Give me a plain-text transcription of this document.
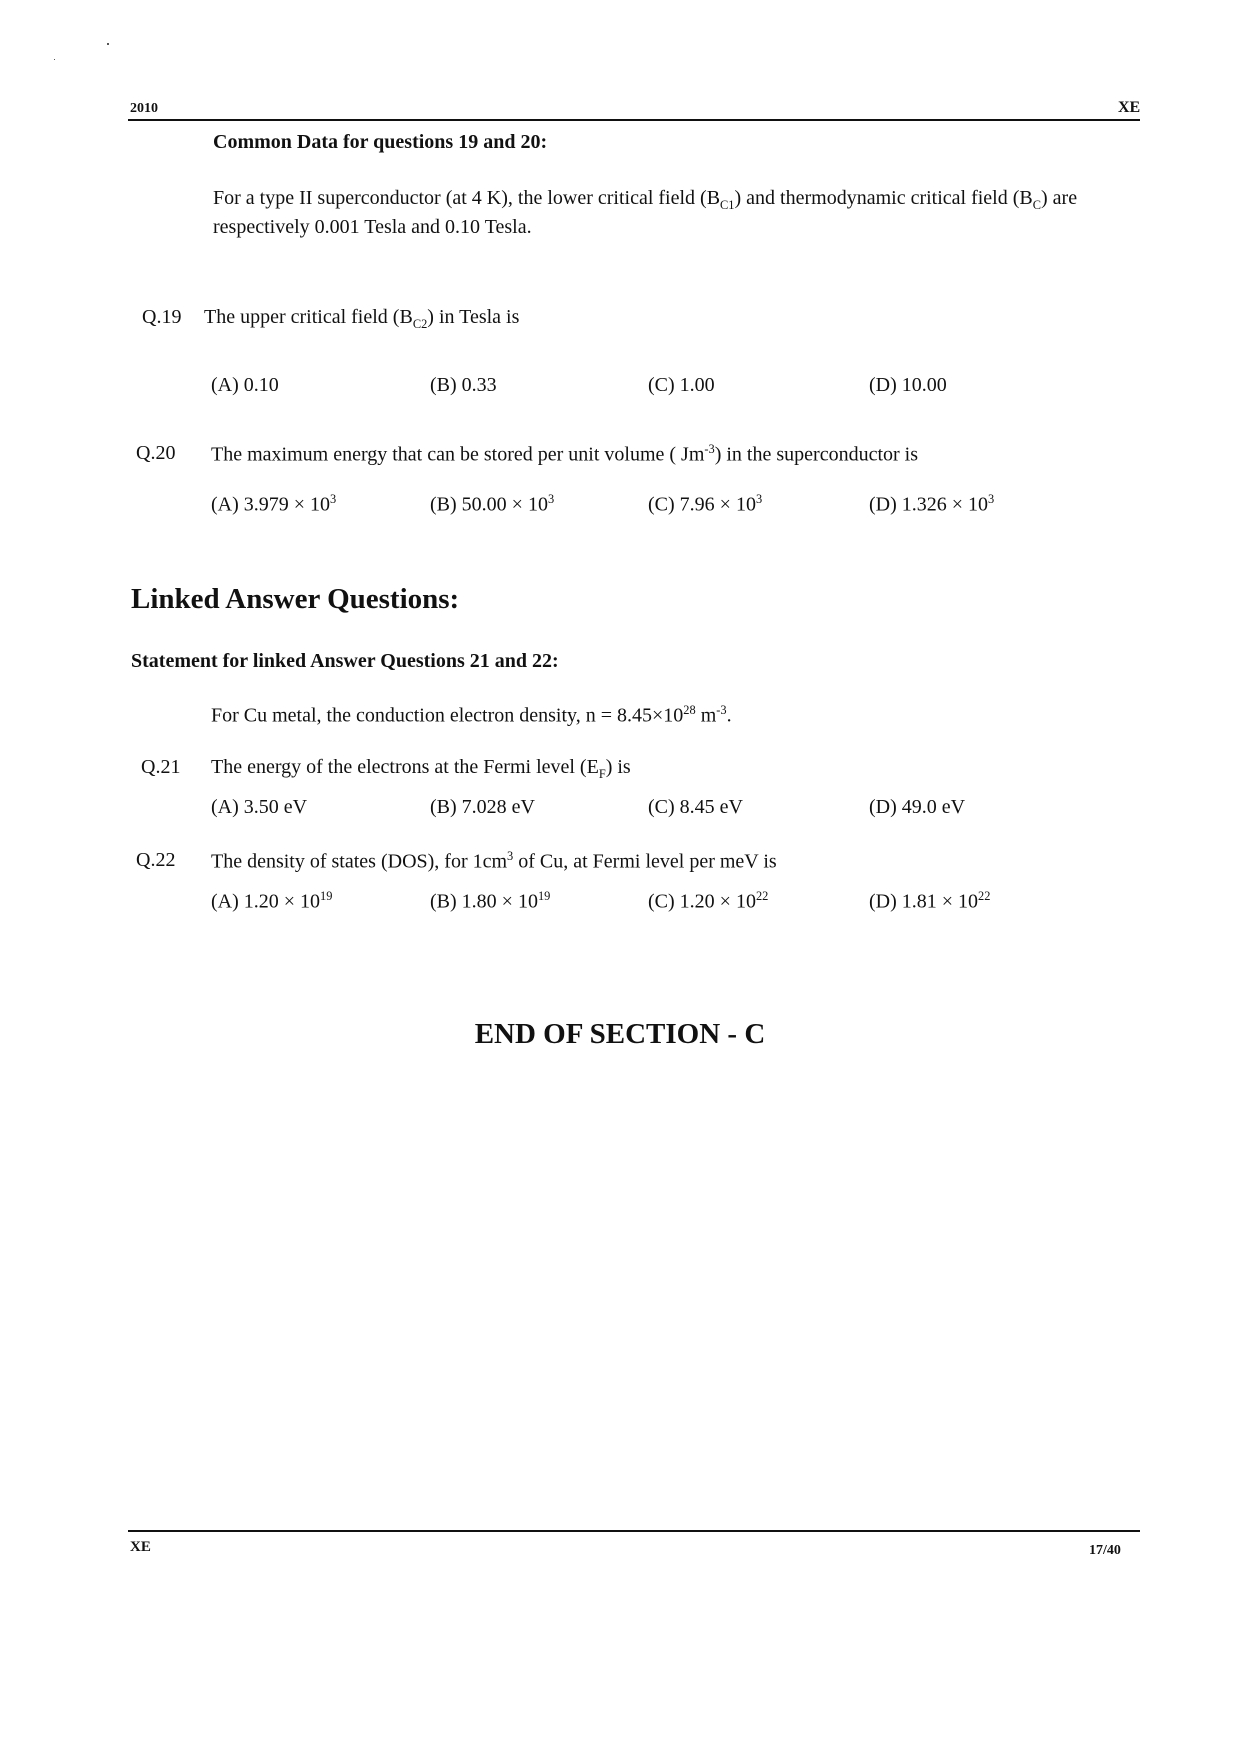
2010	XE
Common Data for questions 19 and 20:
For a type II superconductor (at 4 K), the lower critical field $(B_{C1})$ and thermodynamic critical field $(B_C)$ are respectively 0.001 Tesla and 0.10 Tesla.
Q.19 The upper critical field $(B_{C2})$ in Tesla is
(A) 0.10	(B) 0.33	(C) 1.00	(D) 10.00
Q.20 The maximum energy that can be stored per unit volume ( $Jm^{-3}$) in the superconductor is
(A) $3.979 \times 10^3$	(B) $50.00 \times 10^3$	(C) $7.96 \times 10^3$	(D) $1.326 \times 10^3$
Linked Answer Questions:
Statement for linked Answer Questions 21 and 22:
For Cu metal, the conduction electron density, $n = 8.45\times 10^{28}$ $m^{-3}$.
Q.21 The energy of the electrons at the Fermi level $(E_F)$ is
(A) 3.50 eV	(B) 7.028 eV	(C) 8.45 eV	(D) 49.0 eV
Q.22 The density of states (DOS), for $1cm^3$ of Cu, at Fermi level per meV is
(A) $1.20 \times 10^{19}$	(B) $1.80 \times 10^{19}$	(C) $1.20 \times 10^{22}$	(D) $1.81 \times 10^{22}$
END OF SECTION - C
XE	17/40
